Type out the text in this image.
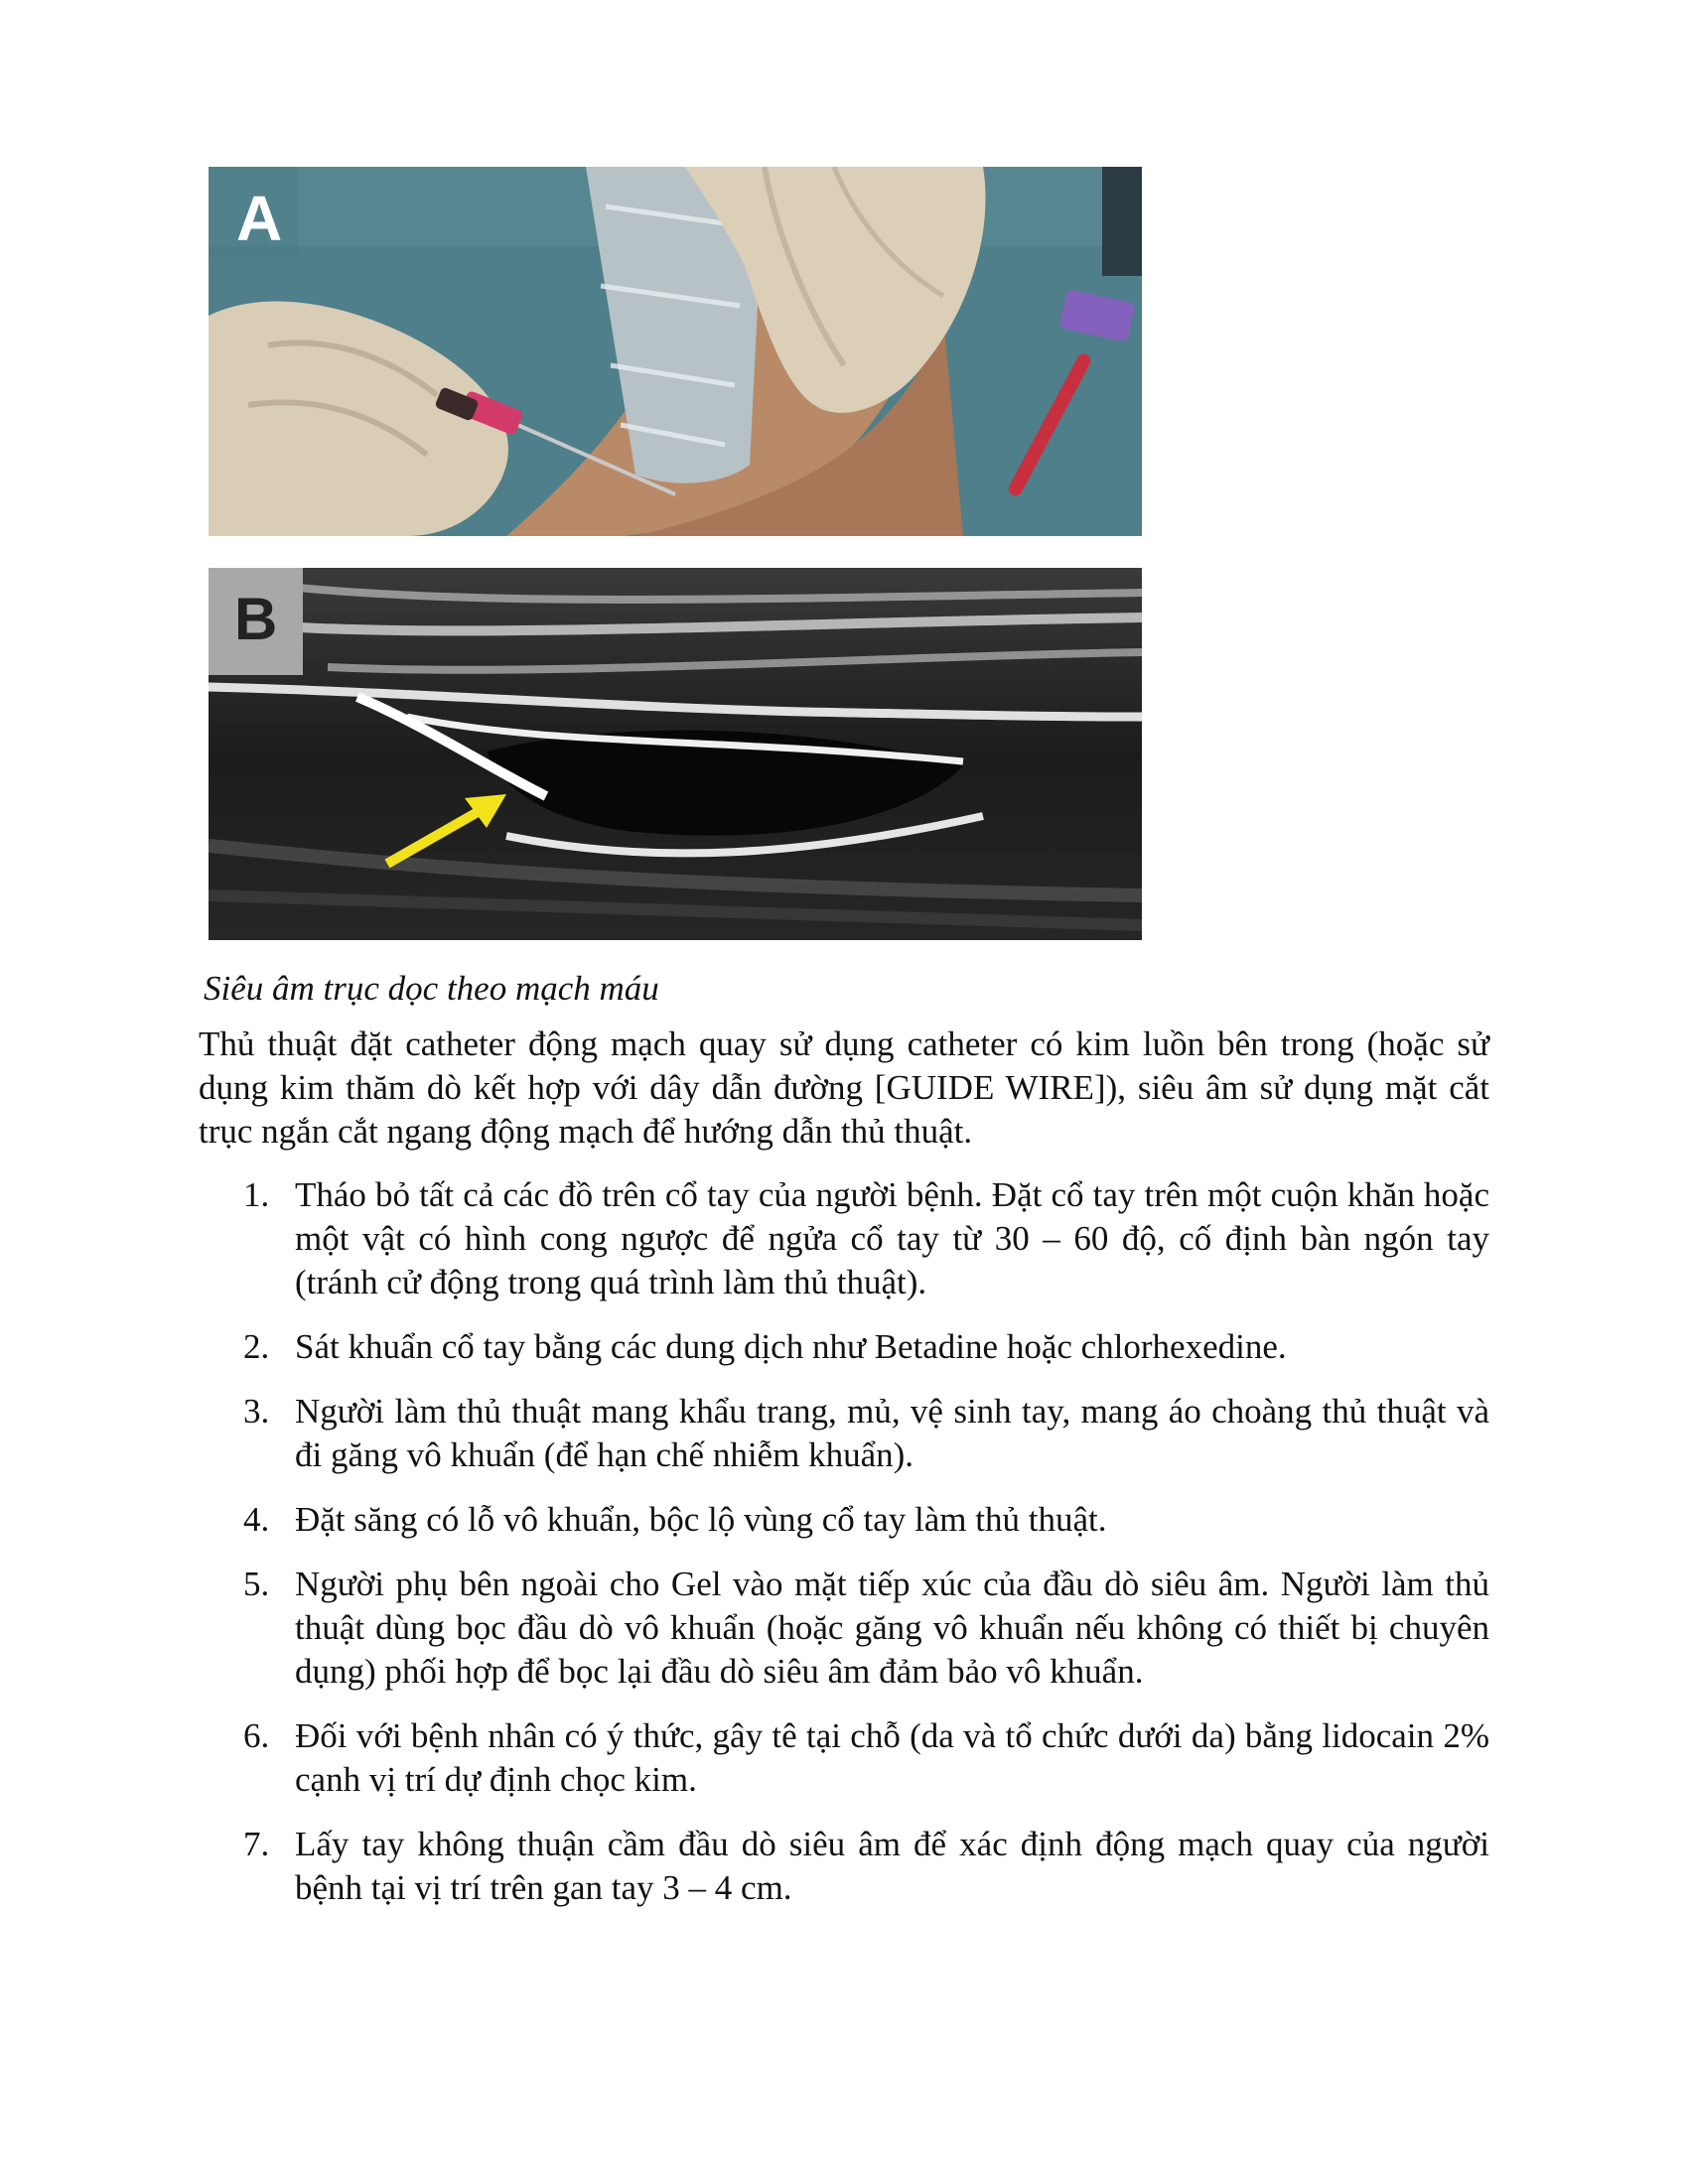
A
B
Siêu âm trục dọc theo mạch máu
Thủ thuật đặt catheter động mạch quay sử dụng catheter có kim luồn bên trong (hoặc sử dụng kim thăm dò kết hợp với dây dẫn đường [GUIDE WIRE]), siêu âm sử dụng mặt cắt trục ngắn cắt ngang động mạch để hướng dẫn thủ thuật.
1. Tháo bỏ tất cả các đồ trên cổ tay của người bệnh. Đặt cổ tay trên một cuộn khăn hoặc một vật có hình cong ngược để ngửa cổ tay từ 30 – 60 độ, cố định bàn ngón tay (tránh cử động trong quá trình làm thủ thuật).
2. Sát khuẩn cổ tay bằng các dung dịch như Betadine hoặc chlorhexedine.
3. Người làm thủ thuật mang khẩu trang, mủ, vệ sinh tay, mang áo choàng thủ thuật và đi găng vô khuẩn (để hạn chế nhiễm khuẩn).
4. Đặt săng có lỗ vô khuẩn, bộc lộ vùng cổ tay làm thủ thuật.
5. Người phụ bên ngoài cho Gel vào mặt tiếp xúc của đầu dò siêu âm. Người làm thủ thuật dùng bọc đầu dò vô khuẩn (hoặc găng vô khuẩn nếu không có thiết bị chuyên dụng) phối hợp để bọc lại đầu dò siêu âm đảm bảo vô khuẩn.
6. Đối với bệnh nhân có ý thức, gây tê tại chỗ (da và tổ chức dưới da) bằng lidocain 2% cạnh vị trí dự định chọc kim.
7. Lấy tay không thuận cầm đầu dò siêu âm để xác định động mạch quay của người bệnh tại vị trí trên gan tay 3 – 4 cm.
